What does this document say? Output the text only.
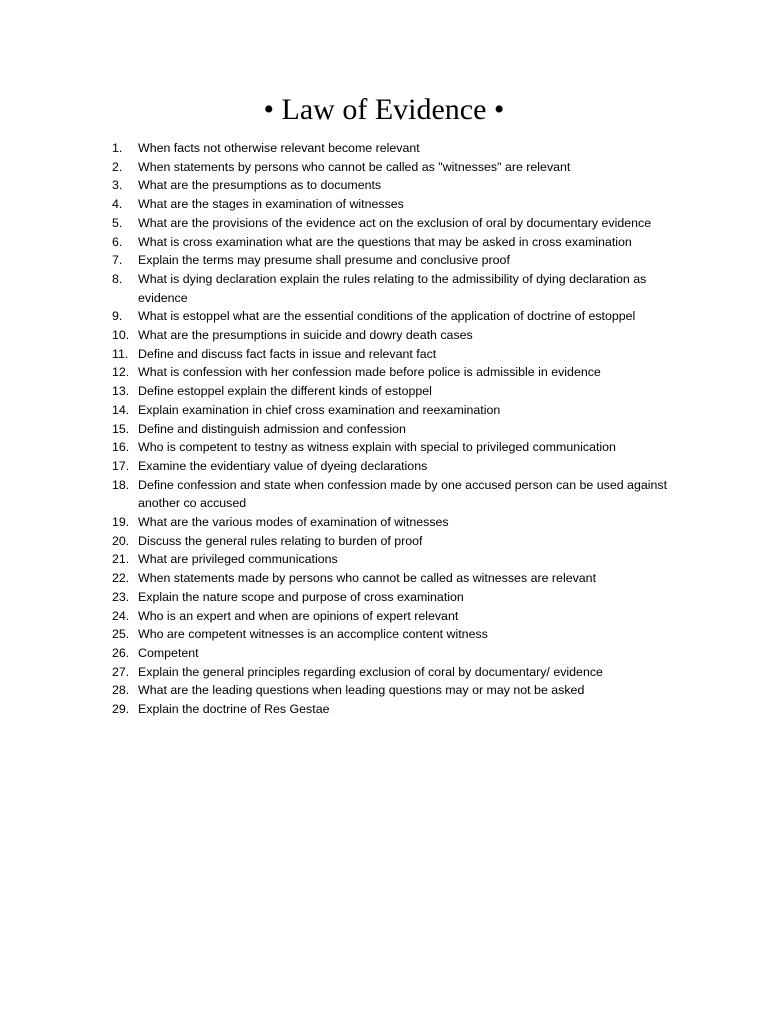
• Law of Evidence •
1.	When facts not otherwise relevant become relevant
2.	When statements by persons who cannot be called as "witnesses" are relevant
3.	What are the presumptions as to documents
4.	What are the stages in examination of witnesses
5.	What are the provisions of the evidence act on the exclusion of oral by documentary evidence
6.	What is cross examination what are the questions that may be asked in cross examination
7.	Explain the terms may presume shall presume and conclusive proof
8.	What is dying declaration explain the rules relating to the admissibility of dying declaration as evidence
9.	What is estoppel what are the essential conditions of the application of doctrine of estoppel
10. What are the presumptions in suicide and dowry death cases
11. Define and discuss fact facts in issue and relevant fact
12. What is confession with her confession made before police is admissible in evidence
13. Define estoppel explain the different kinds of estoppel
14. Explain examination in chief cross examination and reexamination
15. Define and distinguish admission and confession
16. Who is competent to testny as witness explain with special to privileged communication
17. Examine the evidentiary value of dyeing declarations
18. Define confession and state when confession made by one accused person can be used against another co accused
19. What are the various modes of examination of witnesses
20. Discuss the general rules relating to burden of proof
21. What are privileged communications
22. When statements made by persons who cannot be called as witnesses are relevant
23. Explain the nature scope and purpose of cross examination
24. Who is an expert and when are opinions of expert relevant
25. Who are competent witnesses is an accomplice content witness
26. Competent
27. Explain the general principles regarding exclusion of coral by documentary/ evidence
28. What are the leading questions when leading questions may or may not be asked
29. Explain the doctrine of Res Gestae
